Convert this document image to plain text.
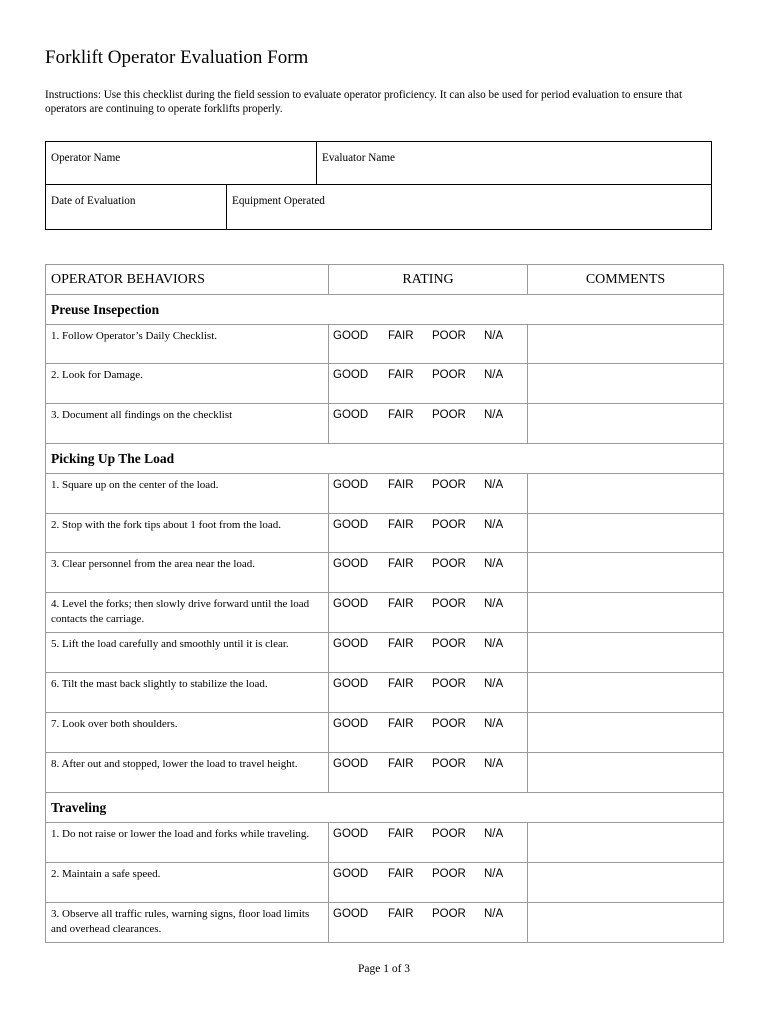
Forklift Operator Evaluation Form
Instructions: Use this checklist during the field session to evaluate operator proficiency. It can also be used for period evaluation to ensure that operators are continuing to operate forklifts properly.
Operator Name	Evaluator Name
Date of Evaluation	Equipment Operated
OPERATOR BEHAVIORS	RATING	COMMENTS
Preuse Insepection		

1. Follow Operator’s Daily Checklist.	GOOD FAIR POOR N/A	

2. Look for Damage.	GOOD FAIR POOR N/A	

3. Document all findings on the checklist	GOOD FAIR POOR N/A	

Picking Up The Load		

1. Square up on the center of the load.	GOOD FAIR POOR N/A	

2. Stop with the fork tips about 1 foot from the load.	GOOD FAIR POOR N/A	

3. Clear personnel from the area near the load.	GOOD FAIR POOR N/A	

4. Level the forks; then slowly drive forward until the load contacts the carriage.	GOOD FAIR POOR N/A	

5. Lift the load carefully and smoothly until it is clear.	GOOD FAIR POOR N/A	

6. Tilt the mast back slightly to stabilize the load.	GOOD FAIR POOR N/A	

7. Look over both shoulders.	GOOD FAIR POOR N/A	

8. After out and stopped, lower the load to travel height.	GOOD FAIR POOR N/A	

Traveling		

1. Do not raise or lower the load and forks while traveling.	GOOD FAIR POOR N/A	

2. Maintain a safe speed.	GOOD FAIR POOR N/A	

3. Observe all traffic rules, warning signs, floor load limits and overhead clearances.	GOOD FAIR POOR N/A	

Page 1 of 3
